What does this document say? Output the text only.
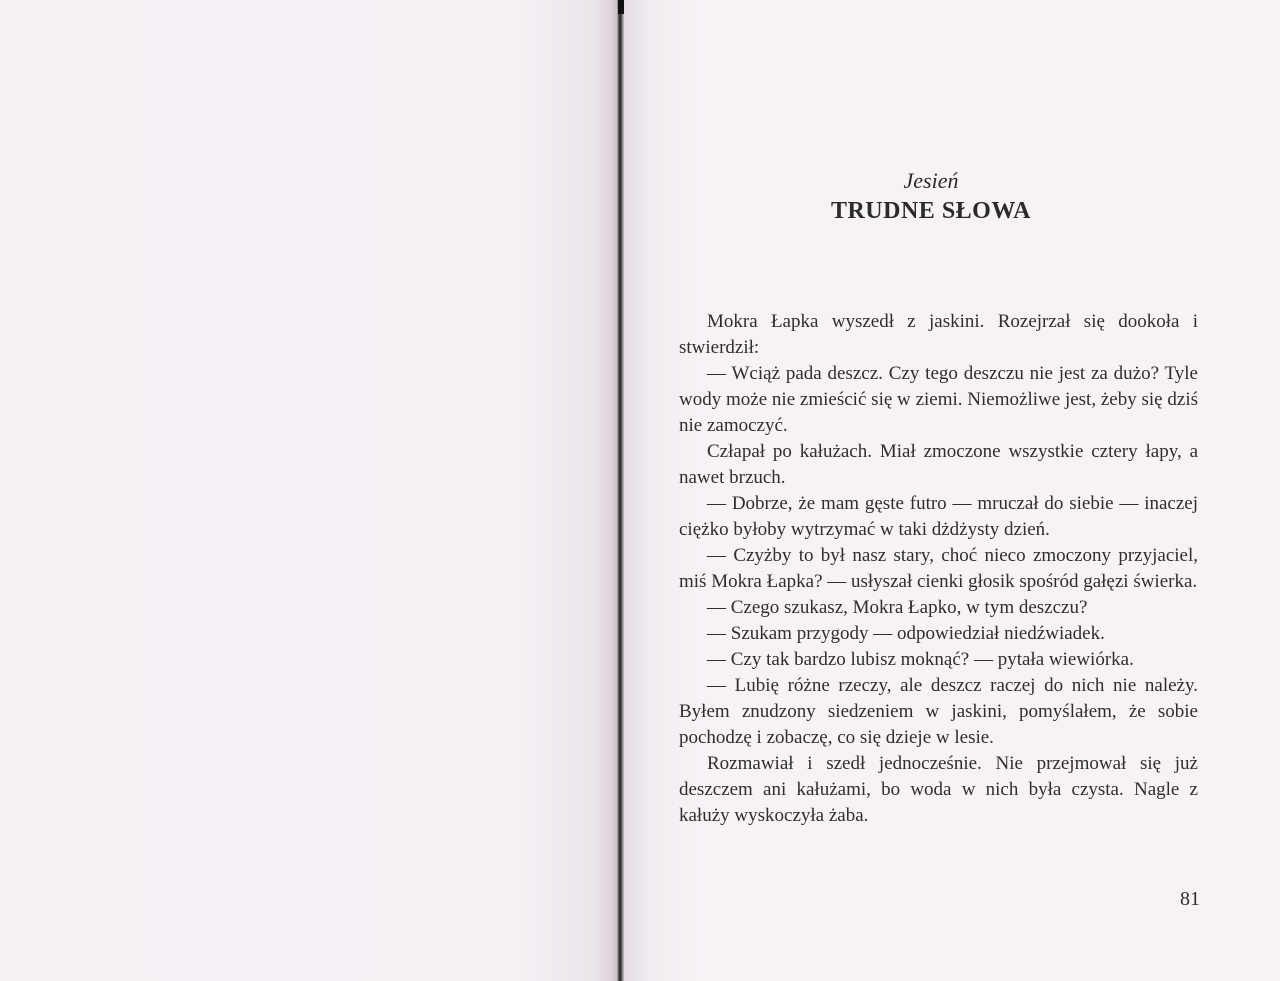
Jesień
TRUDNE SŁOWA

Mokra Łapka wyszedł z jaskini. Rozejrzał się dookoła i stwierdził:

— Wciąż pada deszcz. Czy tego deszczu nie jest za dużo? Tyle wody może nie zmieścić się w ziemi. Niemożliwe jest, żeby się dziś nie zamoczyć.

Człapał po kałużach. Miał zmoczone wszystkie cztery łapy, a nawet brzuch.

— Dobrze, że mam gęste futro — mruczał do siebie — inaczej ciężko byłoby wytrzymać w taki dżdżysty dzień.

— Czyżby to był nasz stary, choć nieco zmoczony przyjaciel, miś Mokra Łapka? — usłyszał cienki głosik spośród gałęzi świerka.

— Czego szukasz, Mokra Łapko, w tym deszczu?

— Szukam przygody — odpowiedział niedźwiadek.

— Czy tak bardzo lubisz moknąć? — pytała wiewiórka.

— Lubię różne rzeczy, ale deszcz raczej do nich nie należy. Byłem znudzony siedzeniem w jaskini, pomyślałem, że sobie pochodzę i zobaczę, co się dzieje w lesie.

Rozmawiał i szedł jednocześnie. Nie przejmował się już deszczem ani kałużami, bo woda w nich była czysta. Nagle z kałuży wyskoczyła żaba.

81
